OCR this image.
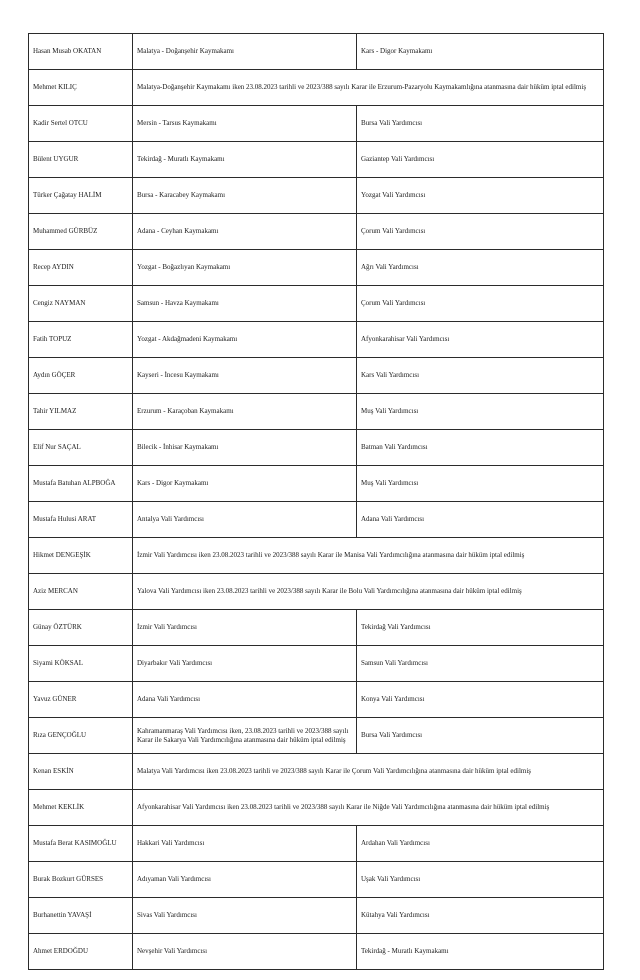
Hasan Musab OKATAN	Malatya - Doğanşehir Kaymakamı	Kars - Digor Kaymakamı
Mehmet KILIÇ	Malatya-Doğanşehir Kaymakamı iken 23.08.2023 tarihli ve 2023/388 sayılı Karar ile Erzurum-Pazaryolu Kaymakamlığına atanmasına dair hüküm iptal edilmiş	
Kadir Sertel OTCU	Mersin - Tarsus Kaymakamı	Bursa Vali Yardımcısı
Bülent UYGUR	Tekirdağ - Muratlı Kaymakamı	Gaziantep Vali Yardımcısı
Türker Çağatay HALİM	Bursa - Karacabey Kaymakamı	Yozgat Vali Yardımcısı
Muhammed GÜRBÜZ	Adana - Ceyhan Kaymakamı	Çorum Vali Yardımcısı
Recep AYDIN	Yozgat - Boğazlıyan Kaymakamı	Ağrı Vali Yardımcısı
Cengiz NAYMAN	Samsun - Havza Kaymakamı	Çorum Vali Yardımcısı
Fatih TOPUZ	Yozgat - Akdağmadeni Kaymakamı	Afyonkarahisar Vali Yardımcısı
Aydın GÖÇER	Kayseri - İncesu Kaymakamı	Kars Vali Yardımcısı
Tahir YILMAZ	Erzurum - Karaçoban Kaymakamı	Muş Vali Yardımcısı
Elif Nur SAÇAL	Bilecik - İnhisar Kaymakamı	Batman Vali Yardımcısı
Mustafa Batuhan ALPBOĞA	Kars - Digor Kaymakamı	Muş Vali Yardımcısı
Mustafa Hulusi ARAT	Antalya Vali Yardımcısı	Adana Vali Yardımcısı
Hikmet DENGEŞİK	İzmir Vali Yardımcısı iken 23.08.2023 tarihli ve 2023/388 sayılı Karar ile Manisa Vali Yardımcılığına atanmasına dair hüküm iptal edilmiş	
Aziz MERCAN	Yalova Vali Yardımcısı iken 23.08.2023 tarihli ve 2023/388 sayılı Karar ile Bolu Vali Yardımcılığına atanmasına dair hüküm iptal edilmiş	
Günay ÖZTÜRK	İzmir Vali Yardımcısı	Tekirdağ Vali Yardımcısı
Siyami KÖKSAL	Diyarbakır Vali Yardımcısı	Samsun Vali Yardımcısı
Yavuz GÜNER	Adana Vali Yardımcısı	Konya Vali Yardımcısı
Rıza GENÇOĞLU	Kahramanmaraş Vali Yardımcısı iken, 23.08.2023 tarihli ve 2023/388 sayılı Karar ile Sakarya Vali Yardımcılığına atanmasına dair hüküm iptal edilmiş	Bursa Vali Yardımcısı
Kenan ESKİN	Malatya Vali Yardımcısı iken 23.08.2023 tarihli ve 2023/388 sayılı Karar ile Çorum Vali Yardımcılığına atanmasına dair hüküm iptal edilmiş	
Mehmet KEKLİK	Afyonkarahisar Vali Yardımcısı iken 23.08.2023 tarihli ve 2023/388 sayılı Karar ile Niğde Vali Yardımcılığına atanmasına dair hüküm iptal edilmiş	
Mustafa Berat KASIMOĞLU	Hakkari Vali Yardımcısı	Ardahan Vali Yardımcısı
Burak Bozkurt GÜRSES	Adıyaman Vali Yardımcısı	Uşak Vali Yardımcısı
Burhanettin YAVAŞİ	Sivas Vali Yardımcısı	Kütahya Vali Yardımcısı
Ahmet ERDOĞDU	Nevşehir Vali Yardımcısı	Tekirdağ - Muratlı Kaymakamı
